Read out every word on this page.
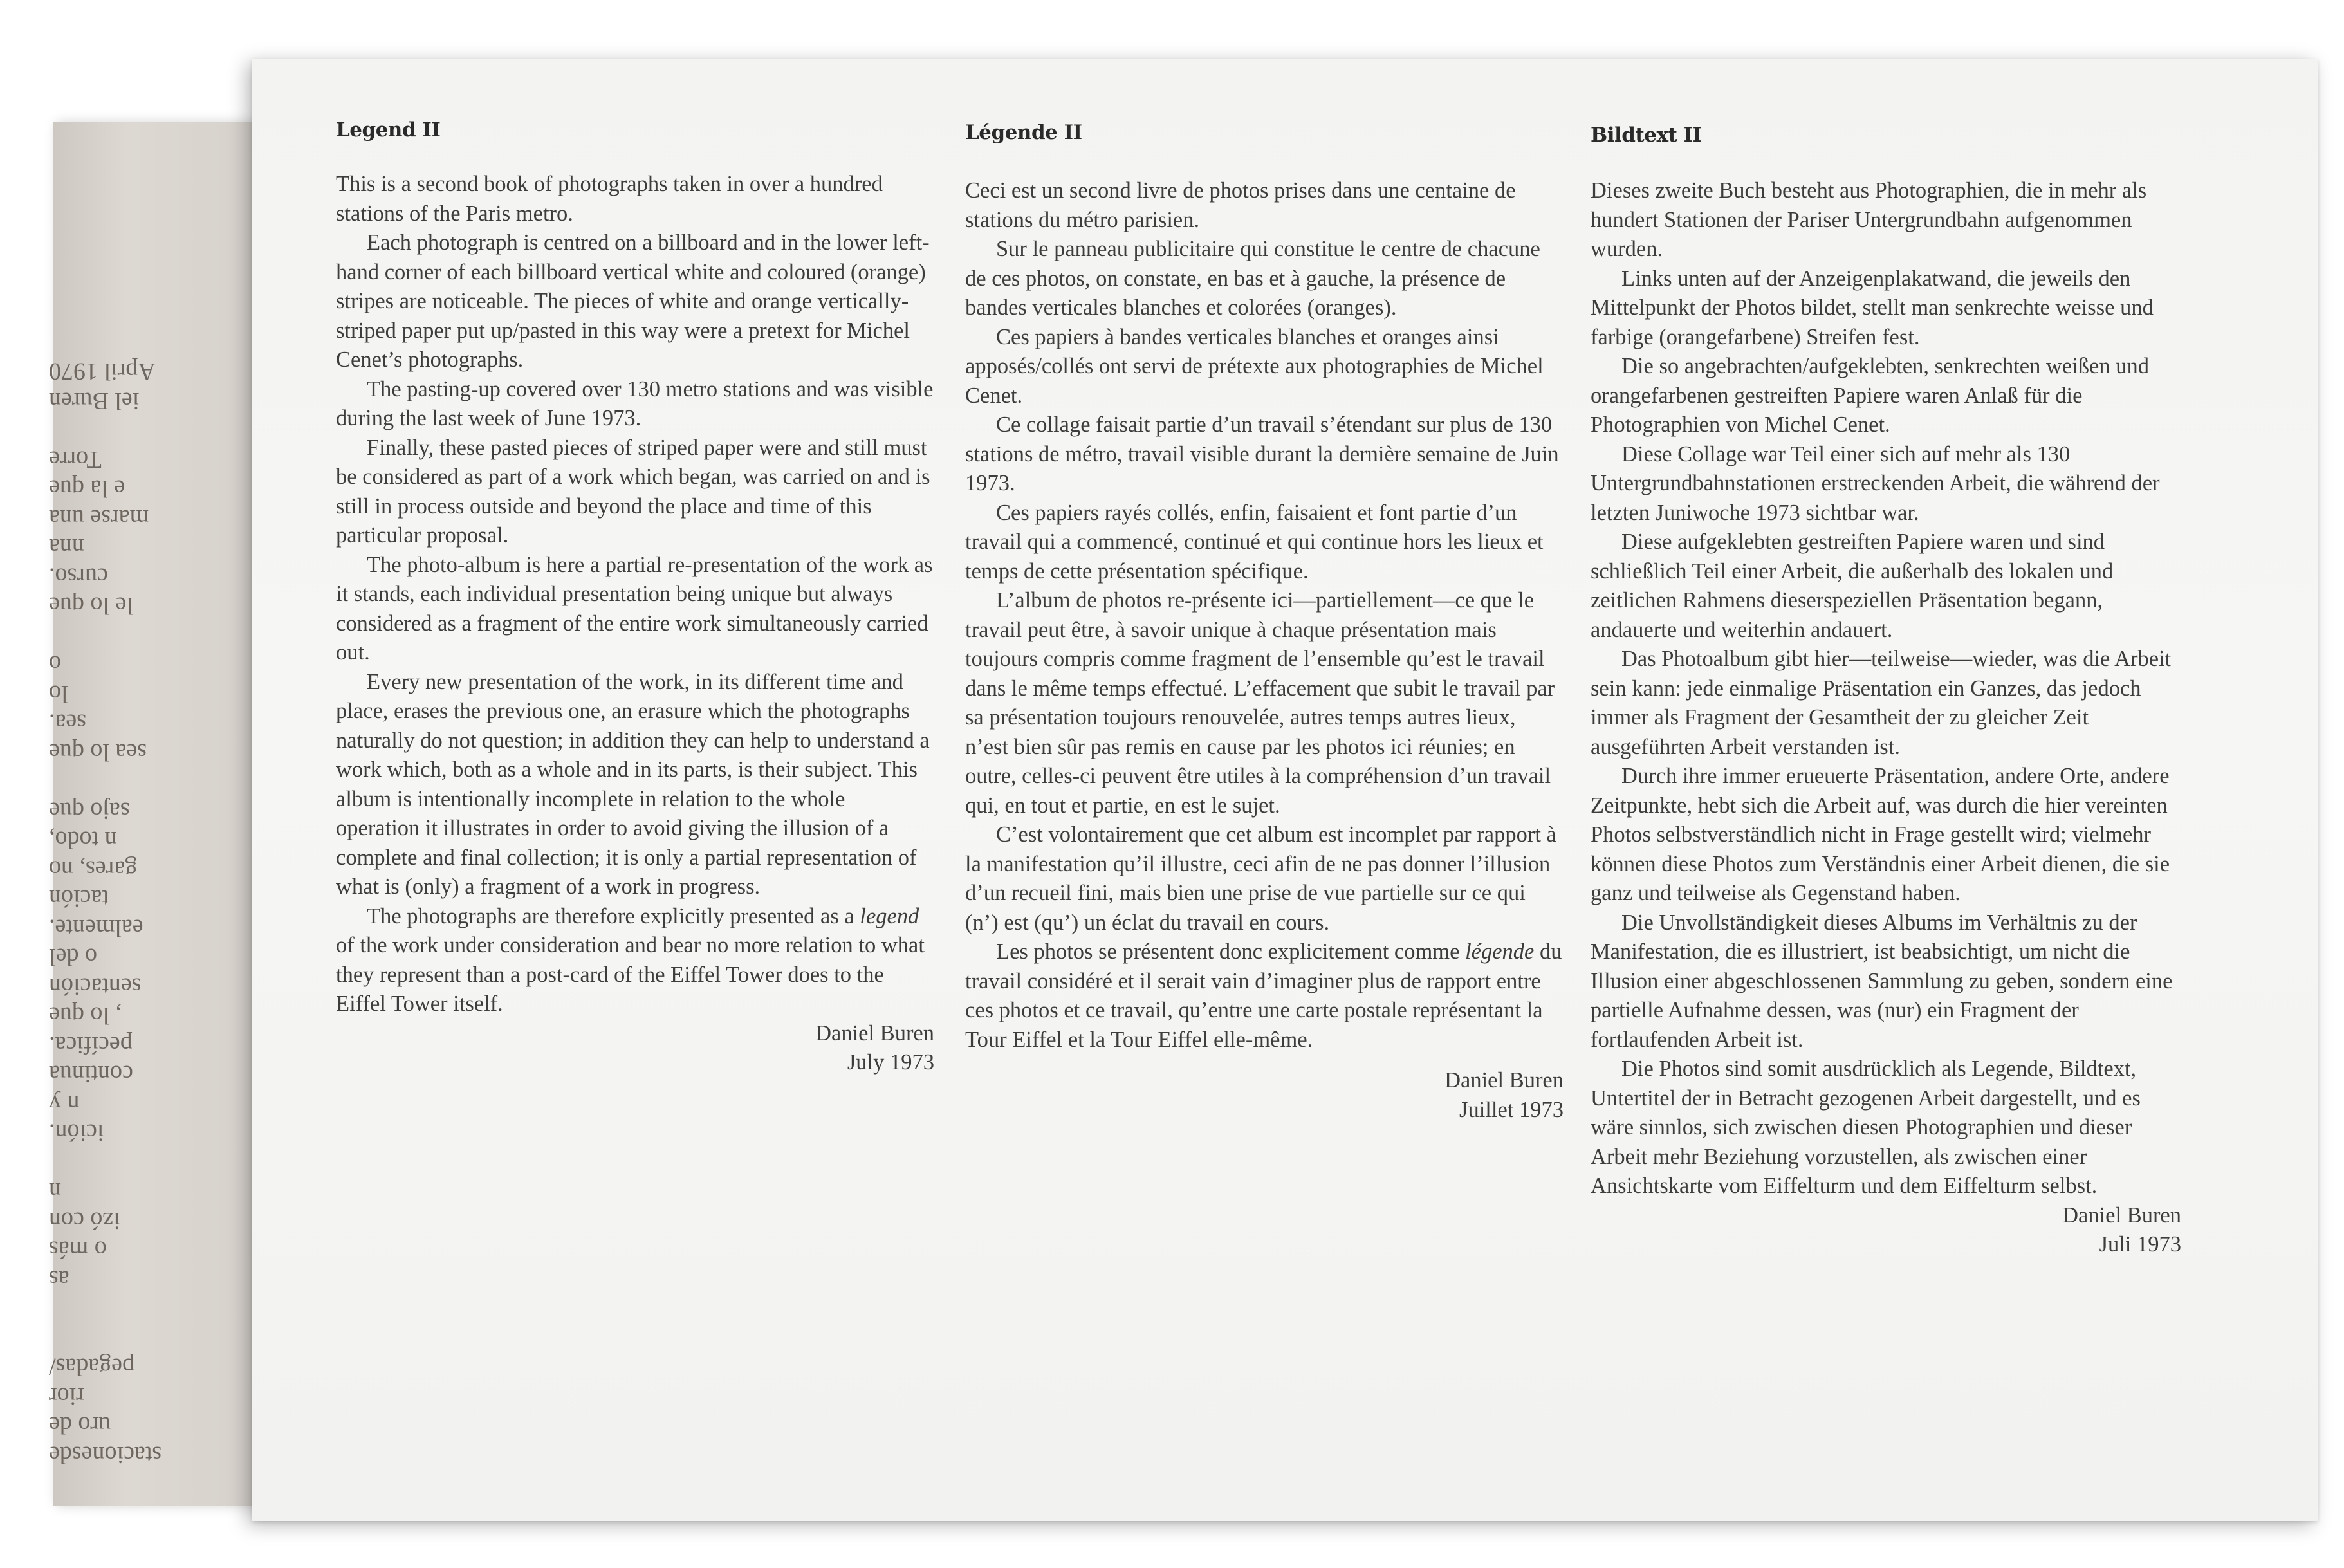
stacionesde
uro de
rior
pegadas/
as
o más
izó con
n
ición.
n y
continua
pecífica.
, lo que
sentación
o del
ealmente.
tación
gares, no
n todo,
sajo que
sea lo que
sea.
lo
o
le lo que
curso.
nna
marse una
e la que
Torre
iel Buren
April 1970
Legend II

This is a second book of photographs taken in over a hundred stations of the Paris metro.

Each photograph is centred on a billboard and in the lower left-hand corner of each billboard vertical white and coloured (orange) stripes are noticeable. The pieces of white and orange vertically-striped paper put up/pasted in this way were a pretext for Michel Cenet’s photographs.

The pasting-up covered over 130 metro stations and was visible during the last week of June 1973.

Finally, these pasted pieces of striped paper were and still must be considered as part of a work which began, was carried on and is still in process outside and beyond the place and time of this particular proposal.

The photo-album is here a partial re-presentation of the work as it stands, each individual presentation being unique but always considered as a fragment of the entire work simultaneously carried out.

Every new presentation of the work, in its different time and place, erases the previous one, an erasure which the photographs naturally do not question; in addition they can help to understand a work which, both as a whole and in its parts, is their subject. This album is intentionally incomplete in relation to the whole operation it illustrates in order to avoid giving the illusion of a complete and final collection; it is only a partial representation of what is (only) a fragment of a work in progress.

The photographs are therefore explicitly presented as a legend of the work under consideration and bear no more relation to what they represent than a post-card of the Eiffel Tower does to the Eiffel Tower itself.

Daniel Buren

July 1973

Légende II

Ceci est un second livre de photos prises dans une centaine de stations du métro parisien.

Sur le panneau publicitaire qui constitue le centre de chacune de ces photos, on constate, en bas et à gauche, la présence de bandes verticales blanches et colorées (oranges).

Ces papiers à bandes verticales blanches et oranges ainsi apposés/collés ont servi de prétexte aux photographies de Michel Cenet.

Ce collage faisait partie d’un travail s’étendant sur plus de 130 stations de métro, travail visible durant la dernière semaine de Juin 1973.

Ces papiers rayés collés, enfin, faisaient et font partie d’un travail qui a commencé, continué et qui continue hors les lieux et temps de cette présentation spécifique.

L’album de photos re-présente ici—partiellement—ce que le travail peut être, à savoir unique à chaque présentation mais toujours compris comme fragment de l’ensemble qu’est le travail dans le même temps effectué. L’effacement que subit le travail par sa présentation toujours renouvelée, autres temps autres lieux, n’est bien sûr pas remis en cause par les photos ici réunies; en outre, celles-ci peuvent être utiles à la compréhension d’un travail qui, en tout et partie, en est le sujet.

C’est volontairement que cet album est incomplet par rapport à la manifestation qu’il illustre, ceci afin de ne pas donner l’illusion d’un recueil fini, mais bien une prise de vue partielle sur ce qui (n’) est (qu’) un éclat du travail en cours.

Les photos se présentent donc explicitement comme légende du travail considéré et il serait vain d’imaginer plus de rapport entre ces photos et ce travail, qu’entre une carte postale représentant la Tour Eiffel et la Tour Eiffel elle-même.

Daniel Buren

Juillet 1973

Bildtext II

Dieses zweite Buch besteht aus Photographien, die in mehr als hundert Stationen der Pariser Untergrundbahn aufgenommen wurden.

Links unten auf der Anzeigenplakatwand, die jeweils den Mittelpunkt der Photos bildet, stellt man senkrechte weisse und farbige (orangefarbene) Streifen fest.

Die so angebrachten/aufgeklebten, senkrechten weißen und orangefarbenen gestreiften Papiere waren Anlaß für die Photographien von Michel Cenet.

Diese Collage war Teil einer sich auf mehr als 130 Untergrundbahnstationen erstreckenden Arbeit, die während der letzten Juniwoche 1973 sichtbar war.

Diese aufgeklebten gestreiften Papiere waren und sind schließlich Teil einer Arbeit, die außerhalb des lokalen und zeitlichen Rahmens dieserspeziellen Präsentation begann, andauerte und weiterhin andauert.

Das Photoalbum gibt hier—teilweise—wieder, was die Arbeit sein kann: jede einmalige Präsentation ein Ganzes, das jedoch immer als Fragment der Gesamtheit der zu gleicher Zeit ausgeführten Arbeit verstanden ist.

Durch ihre immer erueuerte Präsentation, andere Orte, andere Zeitpunkte, hebt sich die Arbeit auf, was durch die hier vereinten Photos selbstverständlich nicht in Frage gestellt wird; vielmehr können diese Photos zum Verständnis einer Arbeit dienen, die sie ganz und teilweise als Gegenstand haben.

Die Unvollständigkeit dieses Albums im Verhältnis zu der Manifestation, die es illustriert, ist beabsichtigt, um nicht die Illusion einer abgeschlossenen Sammlung zu geben, sondern eine partielle Aufnahme dessen, was (nur) ein Fragment der fortlaufenden Arbeit ist.

Die Photos sind somit ausdrücklich als Legende, Bildtext, Untertitel der in Betracht gezogenen Arbeit dargestellt, und es wäre sinnlos, sich zwischen diesen Photographien und dieser Arbeit mehr Beziehung vorzustellen, als zwischen einer Ansichtskarte vom Eiffelturm und dem Eiffelturm selbst.

Daniel Buren

Juli 1973
